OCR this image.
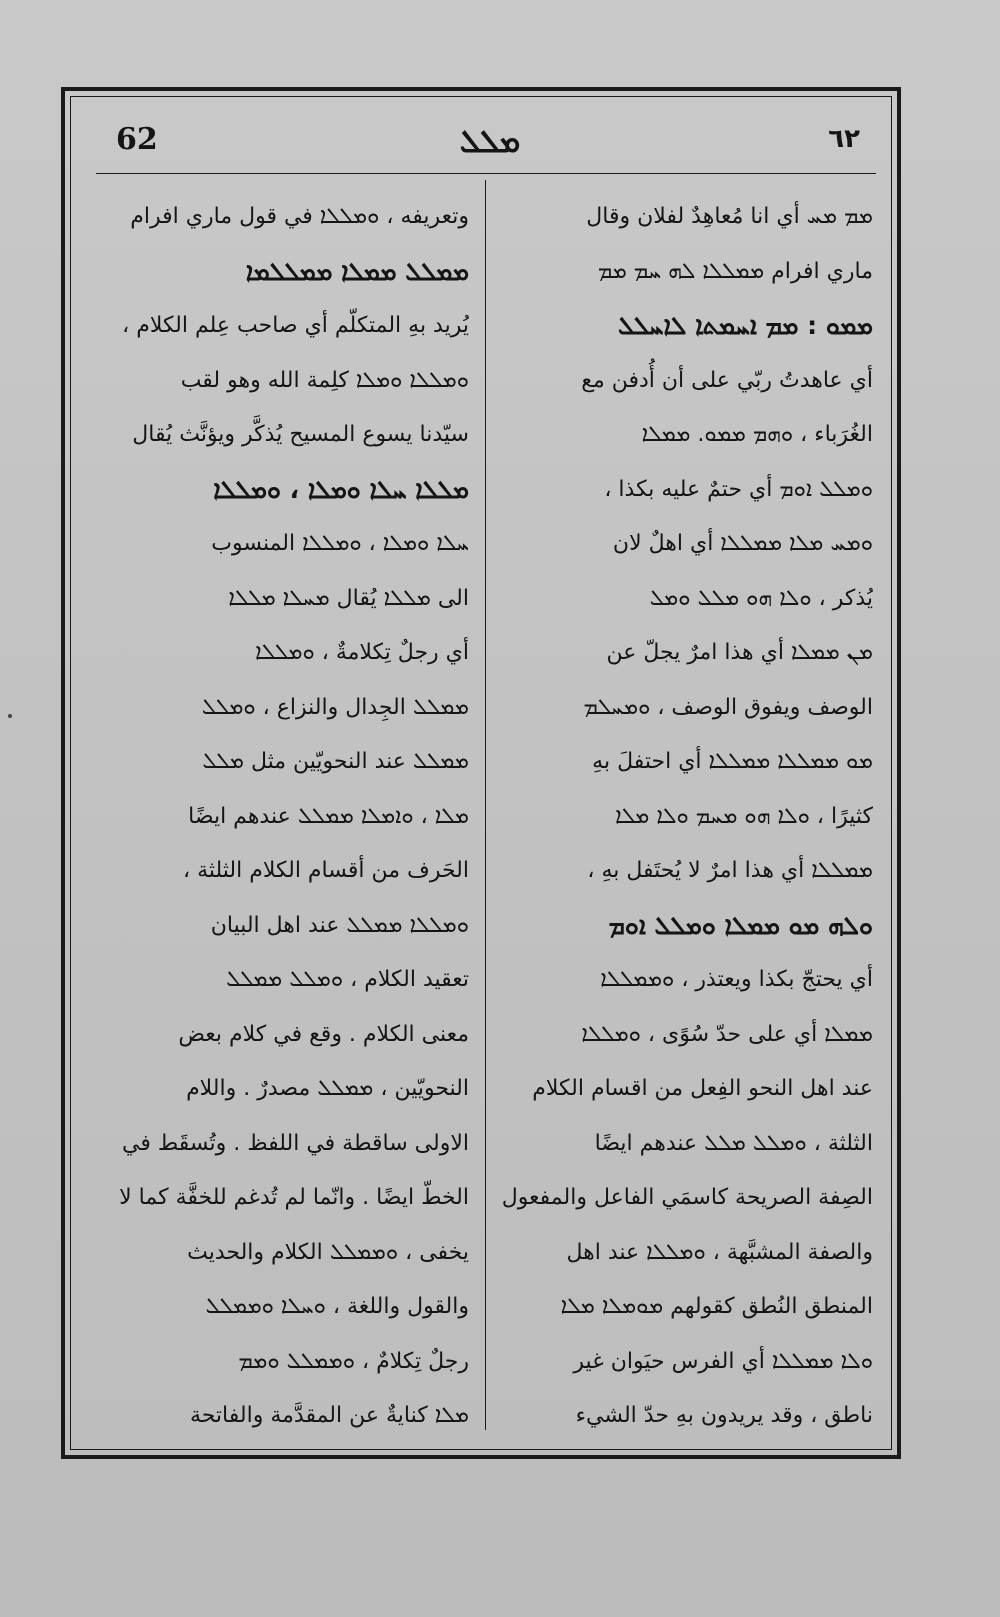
62	ܡܠܠ	٦٢
ܡܡ ܡܚ أي انا مُعاهِدٌ لفلان وقال
ماري افرام ܡܡܠܠܐ ܠܗ ܚܡ ܡܡ
ܡܡܘ : ܡܡ ܐܚܡܬܐ ܠܐܚܠܠ
أي عاهدتُ ربّي على أن أُدفن مع
الغُرَباء ، ܘܗܡ ܡܡܘ. ܡܡܠܐ
ܘܡܠܠ ܐܘܡ أي حتمٌ عليه بكذا ،
ܘܡܚ ܡܠܐ ܡܡܠܠܐ أي اهلٌ لان
يُذكر ، ܘܠܐ ܗܘ ܡܠܠ ܘܡܠ
ܡܢ ܡܡܠܐ أي هذا امرٌ يجلّ عن
الوصف ويفوق الوصف ، ܘܡܚܠܡ
ܡܘ ܡܡܠܠܐ ܡܡܠܠܐ أي احتفلَ بهِ
كثيرًا ، ܘܠܐ ܗܘ ܡܚܡ ܘܠܐ ܡܠܐ
ܡܡܠܠܐ أي هذا امرٌ لا يُحتَفل بهِ ،
ܘܠܗ ܡܘ ܡܡܠܐ ܘܡܠܠ ܐܘܡ
أي يحتجّ بكذا ويعتذر ، ܘܡܡܠܠܐ
ܡܡܠܐ أي على حدّ سُوًى ، ܘܡܠܠܐ
عند اهل النحو الفِعل من اقسام الكلام
الثلثة ، ܘܡܠܠ ܡܠܠ عندهم ايضًا
الصِفة الصريحة كاسمَي الفاعل والمفعول
والصفة المشبَّهة ، ܘܡܠܠܐ عند اهل
المنطق النُطق كقولهم ܡܘܡܠܐ ܡܠܐ
ܘܠܐ ܡܡܠܠܐ أي الفرس حيَوان غير
ناطق ، وقد يريدون بهِ حدّ الشيء
وتعريفه ، ܘܡܠܠܐ في قول ماري افرام
ܡܡܠܠ ܡܡܠܐ ܡܡܠܠܡܐ
يُريد بهِ المتكلّم أي صاحب عِلم الكلام ،
ܘܡܠܠܐ ܘܡܠܐ كلِمة الله وهو لقب
سيّدنا يسوع المسيح يُذكَّر ويؤنَّث يُقال
ܡܠܠܐ ܚܠܐ ܘܡܠܐ ، ܘܡܠܠܐ
ܚܠܐ ܘܡܠܐ ، ܘܡܠܠܐ المنسوب
الى ܡܠܠܐ يُقال ܡܚܠܐ ܡܠܠܐ
أي رجلٌ تِكلامةٌ ، ܘܡܠܠܐ
ܡܡܠܠ الجِدال والنزاع ، ܘܡܠܠ
ܡܡܠܠ عند النحويّين مثل ܡܠܠ
ܡܠܐ ، ܘܐܡܠܐ ܡܡܠܠ عندهم ايضًا
الحَرف من أقسام الكلام الثلثة ،
ܘܡܠܠܐ ܡܡܠܠ عند اهل البيان
تعقيد الكلام ، ܘܡܠܠ ܡܡܠܠ
معنى الكلام . وقع في كلام بعض
النحويّين ، ܡܡܠܠ مصدرٌ . واللام
الاولى ساقطة في اللفظ . وتُسقَط في
الخطّ ايضًا . وانّما لم تُدغم للخفَّة كما لا
يخفى ، ܘܡܡܠܠ الكلام والحديث
والقول واللغة ، ܘܚܠܐ ܘܡܡܠܠ
رجلٌ تِكلامٌ ، ܘܡܡܠܠ ܘܡܡ
ܡܠܐ كنايةٌ عن المقدَّمة والفاتحة
